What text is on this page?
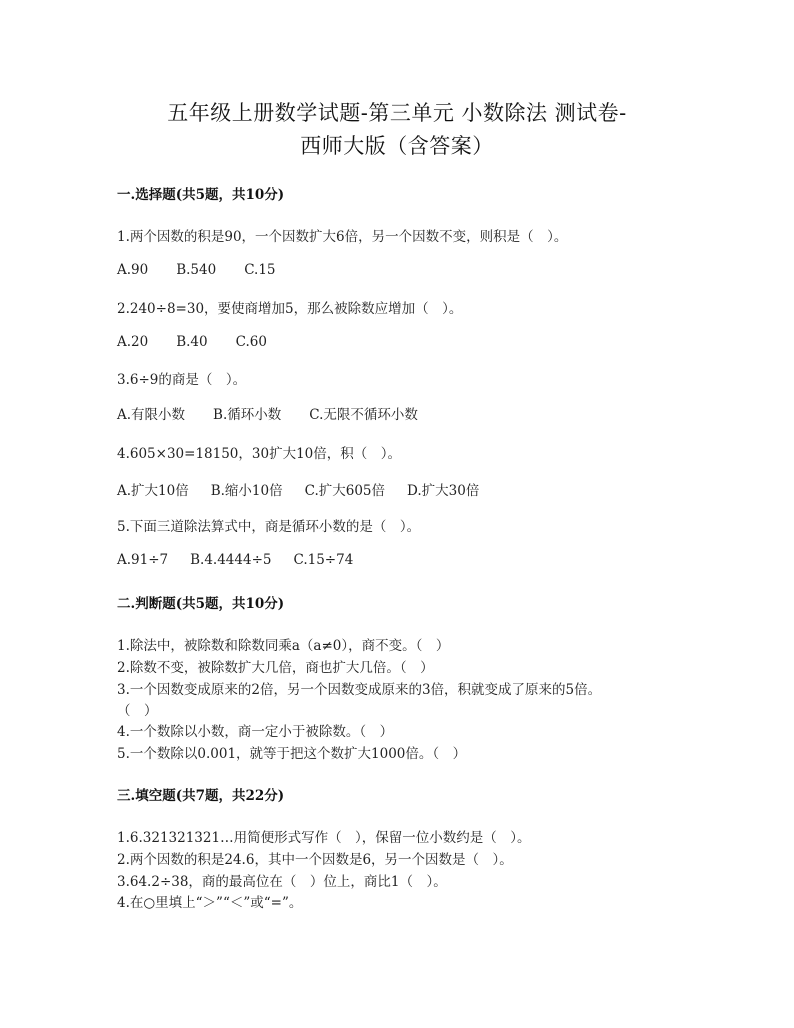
五年级上册数学试题-第三单元 小数除法 测试卷-
西师大版（含答案）
一.选择题(共5题，共10分)
1.两个因数的积是90，一个因数扩大6倍，另一个因数不变，则积是（　）。
A.90 B.540 C.15
2.240÷8=30，要使商增加5，那么被除数应增加（　）。
A.20 B.40 C.60
3.6÷9的商是（　）。
A.有限小数 B.循环小数 C.无限不循环小数
4.605×30=18150，30扩大10倍，积（　）。
A.扩大10倍 B.缩小10倍 C.扩大605倍 D.扩大30倍
5.下面三道除法算式中，商是循环小数的是（　）。
A.91÷7 B.4.4444÷5 C.15÷74
二.判断题(共5题，共10分)
1.除法中，被除数和除数同乘a（a≠0），商不变。（　）
2.除数不变，被除数扩大几倍，商也扩大几倍。（　）
3.一个因数变成原来的2倍，另一个因数变成原来的3倍，积就变成了原来的5倍。
（　）
4.一个数除以小数，商一定小于被除数。（　）
5.一个数除以0.001，就等于把这个数扩大1000倍。（　）
三.填空题(共7题，共22分)
1.6.321321321…用简便形式写作（　），保留一位小数约是（　）。
2.两个因数的积是24.6，其中一个因数是6，另一个因数是（　）。
3.64.2÷38，商的最高位在（　）位上，商比1（　）。
4.在○里填上“＞”“＜”或“=”。
